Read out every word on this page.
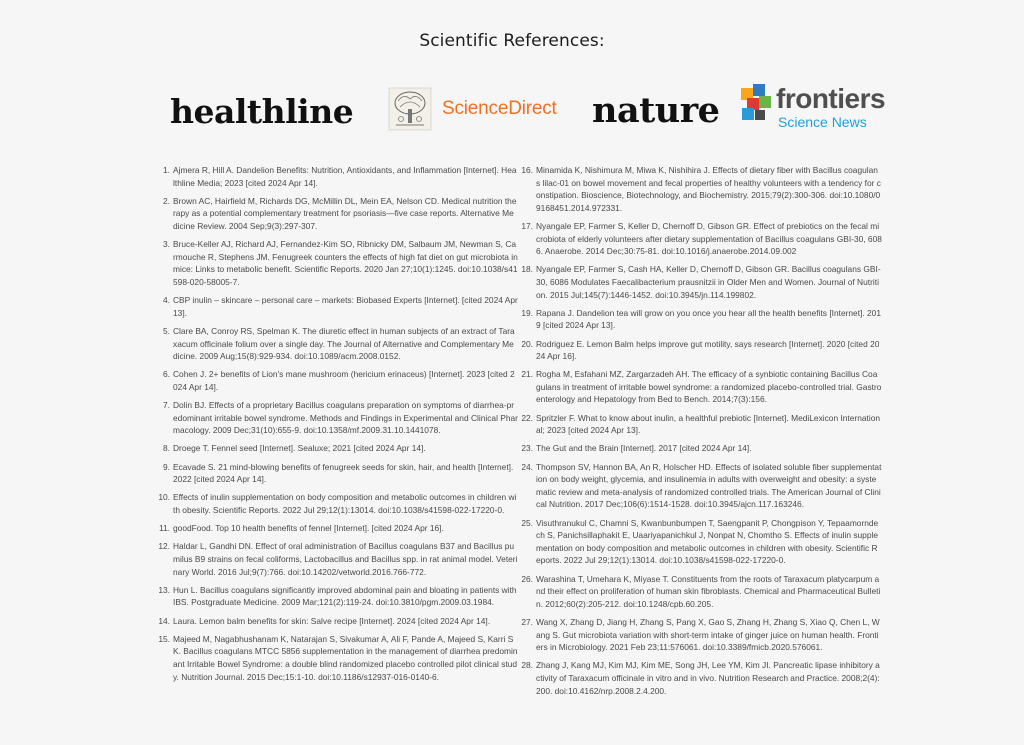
Scientific References:
healthline	ScienceDirect nature frontiers
Science News
1. Ajmera R, Hill A. Dandelion Benefits: Nutrition, Antioxidants, and Inflammation [Internet]. Healthline Media; 2023 [cited 2024 Apr 14].
2. Brown AC, Hairfield M, Richards DG, McMillin DL, Mein EA, Nelson CD. Medical nutrition therapy as a potential complementary treatment for psoriasis—five case reports. Alternative Medicine Review. 2004 Sep;9(3):297-307.
3. Bruce-Keller AJ, Richard AJ, Fernandez-Kim SO, Ribnicky DM, Salbaum JM, Newman S, Carmouche R, Stephens JM. Fenugreek counters the effects of high fat diet on gut microbiota in mice: Links to metabolic benefit. Scientific Reports. 2020 Jan 27;10(1):1245. doi:10.1038/s41598-020-58005-7.
4. CBP inulin – skincare – personal care – markets: Biobased Experts [Internet]. [cited 2024 Apr 13].
5. Clare BA, Conroy RS, Spelman K. The diuretic effect in human subjects of an extract of Taraxacum officinale folium over a single day. The Journal of Alternative and Complementary Medicine. 2009 Aug;15(8):929-934. doi:10.1089/acm.2008.0152.
6. Cohen J. 2+ benefits of Lion's mane mushroom (hericium erinaceus) [Internet]. 2023 [cited 2024 Apr 14].
7. Dolin BJ. Effects of a proprietary Bacillus coagulans preparation on symptoms of diarrhea-predominant irritable bowel syndrome. Methods and Findings in Experimental and Clinical Pharmacology. 2009 Dec;31(10):655-9. doi:10.1358/mf.2009.31.10.1441078.
8. Droege T. Fennel seed [Internet]. Sealuxe; 2021 [cited 2024 Apr 14].
9. Ecavade S. 21 mind-blowing benefits of fenugreek seeds for skin, hair, and health [Internet]. 2022 [cited 2024 Apr 14].
10. Effects of inulin supplementation on body composition and metabolic outcomes in children with obesity. Scientific Reports. 2022 Jul 29;12(1):13014. doi:10.1038/s41598-022-17220-0.
11. goodFood. Top 10 health benefits of fennel [Internet]. [cited 2024 Apr 16].
12. Haldar L, Gandhi DN. Effect of oral administration of Bacillus coagulans B37 and Bacillus pumilus B9 strains on fecal coliforms, Lactobacillus and Bacillus spp. in rat animal model. Veterinary World. 2016 Jul;9(7):766. doi:10.14202/vetworld.2016.766-772.
13. Hun L. Bacillus coagulans significantly improved abdominal pain and bloating in patients with IBS. Postgraduate Medicine. 2009 Mar;121(2):119-24. doi:10.3810/pgm.2009.03.1984.
14. Laura. Lemon balm benefits for skin: Salve recipe [Internet]. 2024 [cited 2024 Apr 14].
15. Majeed M, Nagabhushanam K, Natarajan S, Sivakumar A, Ali F, Pande A, Majeed S, Karri SK. Bacillus coagulans MTCC 5856 supplementation in the management of diarrhea predominant Irritable Bowel Syndrome: a double blind randomized placebo controlled pilot clinical study. Nutrition Journal. 2015 Dec;15:1-10. doi:10.1186/s12937-016-0140-6.
16. Minamida K, Nishimura M, Miwa K, Nishihira J. Effects of dietary fiber with Bacillus coagulans lilac-01 on bowel movement and fecal properties of healthy volunteers with a tendency for constipation. Bioscience, Biotechnology, and Biochemistry. 2015;79(2):300-306. doi:10.1080/09168451.2014.972331.
17. Nyangale EP, Farmer S, Keller D, Chernoff D, Gibson GR. Effect of prebiotics on the fecal microbiota of elderly volunteers after dietary supplementation of Bacillus coagulans GBI-30, 6086. Anaerobe. 2014 Dec;30:75-81. doi:10.1016/j.anaerobe.2014.09.002
18. Nyangale EP, Farmer S, Cash HA, Keller D, Chernoff D, Gibson GR. Bacillus coagulans GBI-30, 6086 Modulates Faecalibacterium prausnitzii in Older Men and Women. Journal of Nutrition. 2015 Jul;145(7):1446-1452. doi:10.3945/jn.114.199802.
19. Rapana J. Dandelion tea will grow on you once you hear all the health benefits [Internet]. 2019 [cited 2024 Apr 13].
20. Rodriguez E. Lemon Balm helps improve gut motility, says research [Internet]. 2020 [cited 2024 Apr 16].
21. Rogha M, Esfahani MZ, Zargarzadeh AH. The efficacy of a synbiotic containing Bacillus Coagulans in treatment of irritable bowel syndrome: a randomized placebo-controlled trial. Gastroenterology and Hepatology from Bed to Bench. 2014;7(3):156.
22. Spritzler F. What to know about inulin, a healthful prebiotic [Internet]. MediLexicon International; 2023 [cited 2024 Apr 13].
23. The Gut and the Brain [Internet]. 2017 [cited 2024 Apr 14].
24. Thompson SV, Hannon BA, An R, Holscher HD. Effects of isolated soluble fiber supplementation on body weight, glycemia, and insulinemia in adults with overweight and obesity: a systematic review and meta-analysis of randomized controlled trials. The American Journal of Clinical Nutrition. 2017 Dec;106(6):1514-1528. doi:10.3945/ajcn.117.163246.
25. Visuthranukul C, Chamni S, Kwanbunbumpen T, Saengpanit P, Chongpison Y, Tepaamorndech S, Panichsillaphakit E, Uaariyapanichkul J, Nonpat N, Chomtho S. Effects of inulin supplementation on body composition and metabolic outcomes in children with obesity. Scientific Reports. 2022 Jul 29;12(1):13014. doi:10.1038/s41598-022-17220-0.
26. Warashina T, Umehara K, Miyase T. Constituents from the roots of Taraxacum platycarpum and their effect on proliferation of human skin fibroblasts. Chemical and Pharmaceutical Bulletin. 2012;60(2):205-212. doi:10.1248/cpb.60.205.
27. Wang X, Zhang D, Jiang H, Zhang S, Pang X, Gao S, Zhang H, Zhang S, Xiao Q, Chen L, Wang S. Gut microbiota variation with short-term intake of ginger juice on human health. Frontiers in Microbiology. 2021 Feb 23;11:576061. doi:10.3389/fmicb.2020.576061.
28. Zhang J, Kang MJ, Kim MJ, Kim ME, Song JH, Lee YM, Kim JI. Pancreatic lipase inhibitory activity of Taraxacum officinale in vitro and in vivo. Nutrition Research and Practice. 2008;2(4):200. doi:10.4162/nrp.2008.2.4.200.
